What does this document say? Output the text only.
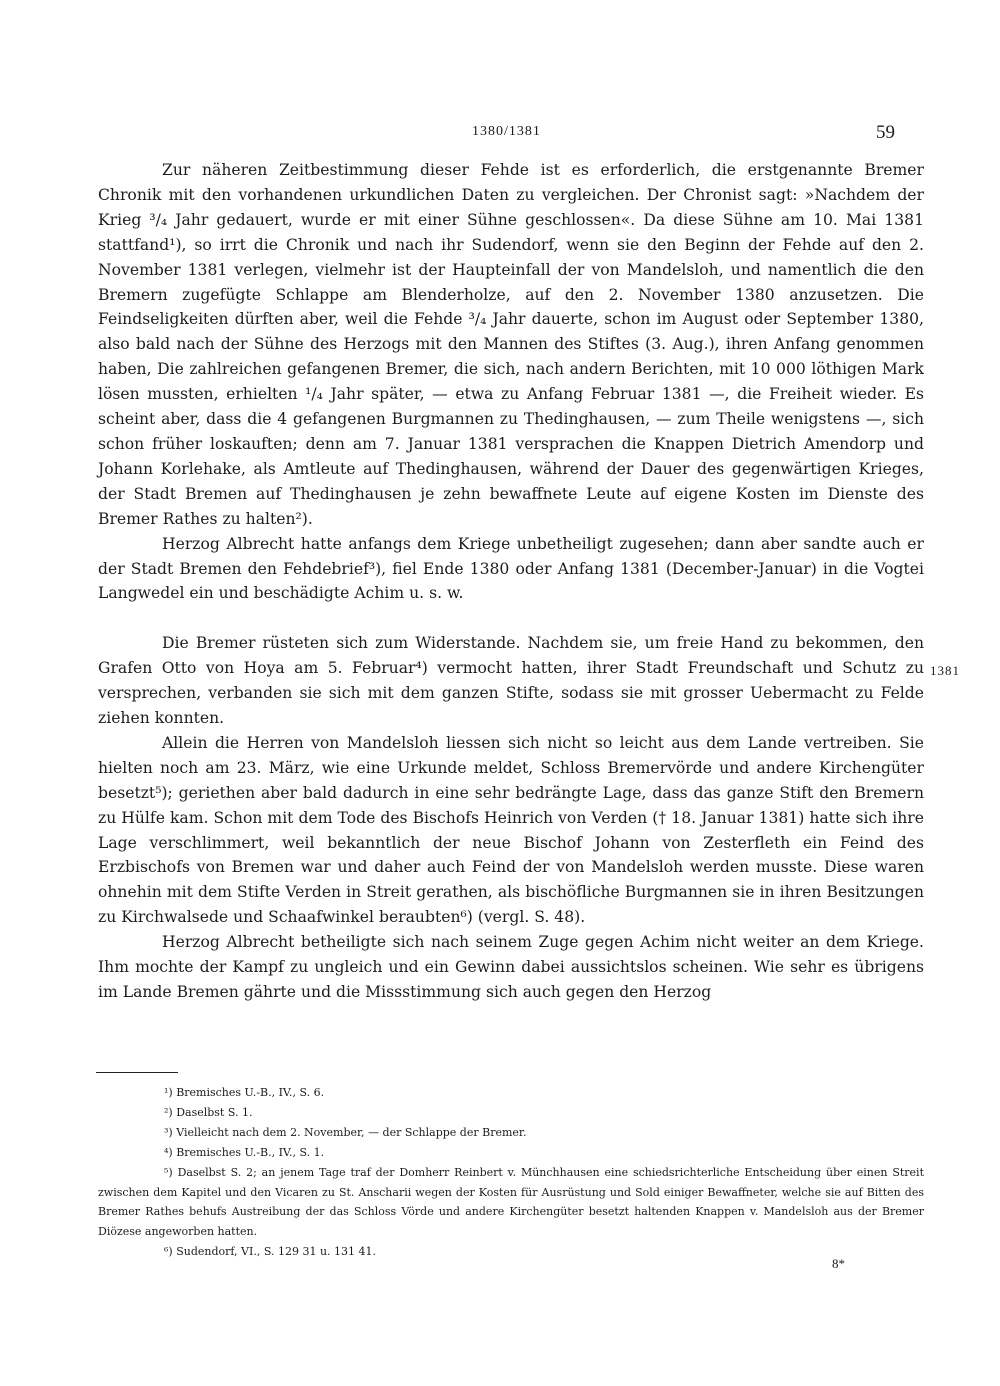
1380/1381	59

Zur näheren Zeitbestimmung dieser Fehde ist es erforderlich, die erstgenannte Bremer Chronik mit den vorhandenen urkundlichen Daten zu vergleichen. Der Chronist sagt: »Nachdem der Krieg ³/₄ Jahr gedauert, wurde er mit einer Sühne geschlossen«. Da diese Sühne am 10. Mai 1381 stattfand¹), so irrt die Chronik und nach ihr Sudendorf, wenn sie den Beginn der Fehde auf den 2. November 1381 verlegen, vielmehr ist der Haupteinfall der von Mandelsloh, und namentlich die den Bremern zugefügte Schlappe am Blenderholze, auf den 2. November 1380 anzusetzen. Die Feindseligkeiten dürften aber, weil die Fehde ³/₄ Jahr dauerte, schon im August oder September 1380, also bald nach der Sühne des Herzogs mit den Mannen des Stiftes (3. Aug.), ihren Anfang genommen haben, Die zahlreichen gefangenen Bremer, die sich, nach andern Berichten, mit 10 000 löthigen Mark lösen mussten, erhielten ¹/₄ Jahr später, — etwa zu Anfang Februar 1381 —, die Freiheit wieder. Es scheint aber, dass die 4 gefangenen Burgmannen zu Thedinghausen, — zum Theile wenigstens —, sich schon früher loskauften; denn am 7. Januar 1381 versprachen die Knappen Dietrich Amendorp und Johann Korlehake, als Amtleute auf Thedinghausen, während der Dauer des gegenwärtigen Krieges, der Stadt Bremen auf Thedinghausen je zehn bewaffnete Leute auf eigene Kosten im Dienste des Bremer Rathes zu halten²).

Herzog Albrecht hatte anfangs dem Kriege unbetheiligt zugesehen; dann aber sandte auch er der Stadt Bremen den Fehdebrief³), fiel Ende 1380 oder Anfang 1381 (December-Januar) in die Vogtei Langwedel ein und beschädigte Achim u. s. w.

Die Bremer rüsteten sich zum Widerstande. Nachdem sie, um freie Hand zu bekommen, den Grafen Otto von Hoya am 5. Februar⁴) vermocht hatten, ihrer Stadt Freundschaft und Schutz zu versprechen, verbanden sie sich mit dem ganzen Stifte, sodass sie mit grosser Uebermacht zu Felde ziehen konnten.

Allein die Herren von Mandelsloh liessen sich nicht so leicht aus dem Lande vertreiben. Sie hielten noch am 23. März, wie eine Urkunde meldet, Schloss Bremervörde und andere Kirchengüter besetzt⁵); geriethen aber bald dadurch in eine sehr bedrängte Lage, dass das ganze Stift den Bremern zu Hülfe kam. Schon mit dem Tode des Bischofs Heinrich von Verden († 18. Januar 1381) hatte sich ihre Lage verschlimmert, weil bekanntlich der neue Bischof Johann von Zesterfleth ein Feind des Erzbischofs von Bremen war und daher auch Feind der von Mandelsloh werden musste. Diese waren ohnehin mit dem Stifte Verden in Streit gerathen, als bischöfliche Burgmannen sie in ihren Besitzungen zu Kirchwalsede und Schaafwinkel beraubten⁶) (vergl. S. 48).

Herzog Albrecht betheiligte sich nach seinem Zuge gegen Achim nicht weiter an dem Kriege. Ihm mochte der Kampf zu ungleich und ein Gewinn dabei aussichtslos scheinen. Wie sehr es übrigens im Lande Bremen gährte und die Missstimmung sich auch gegen den Herzog

1381

¹) Bremisches U.-B., IV., S. 6.

²) Daselbst S. 1.

³) Vielleicht nach dem 2. November, — der Schlappe der Bremer.

⁴) Bremisches U.-B., IV., S. 1.

⁵) Daselbst S. 2; an jenem Tage traf der Domherr Reinbert v. Münchhausen eine schiedsrichterliche Entscheidung über einen Streit zwischen dem Kapitel und den Vicaren zu St. Anscharii wegen der Kosten für Ausrüstung und Sold einiger Bewaffneter, welche sie auf Bitten des Bremer Rathes behufs Austreibung der das Schloss Vörde und andere Kirchengüter besetzt haltenden Knappen v. Mandelsloh aus der Bremer Diözese angeworben hatten.

⁶) Sudendorf, VI., S. 129 31 u. 131 41.

8*
